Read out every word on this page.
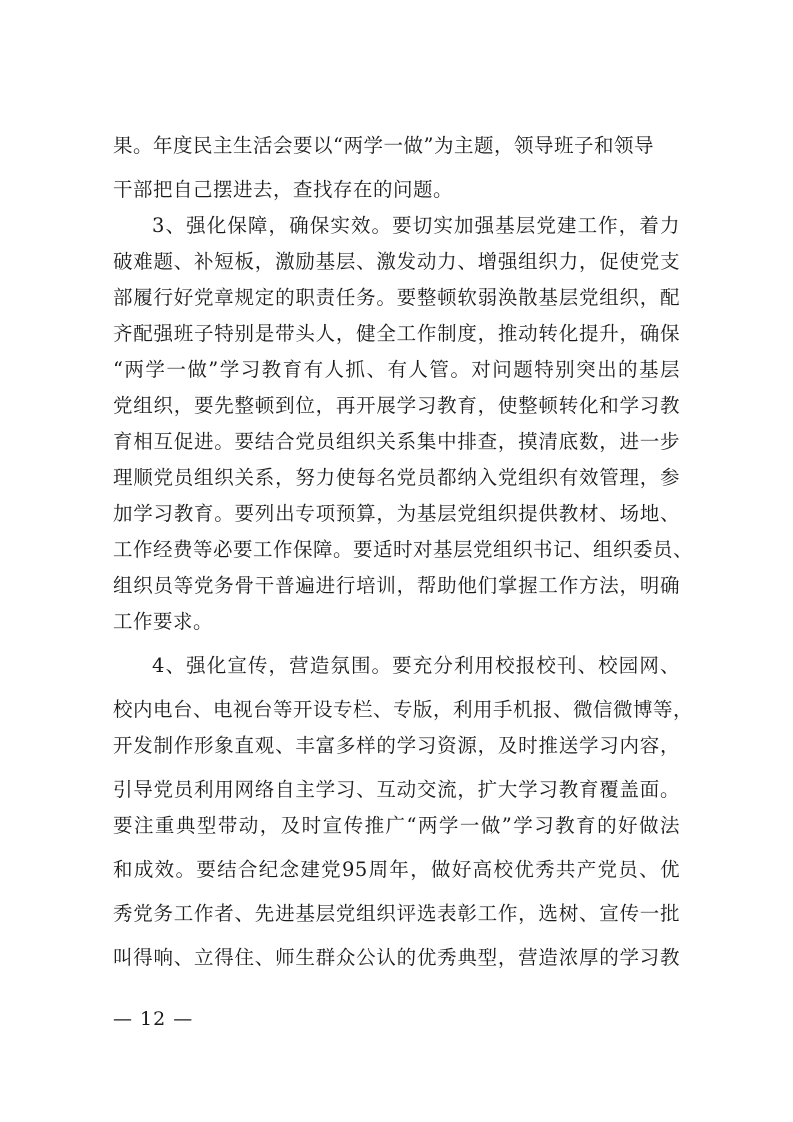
果。年度民主生活会要以“两学一做”为主题，领导班子和领导
干部把自己摆进去，查找存在的问题。
3、强化保障，确保实效。要切实加强基层党建工作，着力
破难题、补短板，激励基层、激发动力、增强组织力，促使党支
部履行好党章规定的职责任务。要整顿软弱涣散基层党组织，配
齐配强班子特别是带头人，健全工作制度，推动转化提升，确保
“两学一做”学习教育有人抓、有人管。对问题特别突出的基层
党组织，要先整顿到位，再开展学习教育，使整顿转化和学习教
育相互促进。要结合党员组织关系集中排查，摸清底数，进一步
理顺党员组织关系，努力使每名党员都纳入党组织有效管理，参
加学习教育。要列出专项预算，为基层党组织提供教材、场地、
工作经费等必要工作保障。要适时对基层党组织书记、组织委员、
组织员等党务骨干普遍进行培训，帮助他们掌握工作方法，明确
工作要求。
4、强化宣传，营造氛围。要充分利用校报校刊、校园网、
校内电台、电视台等开设专栏、专版，利用手机报、微信微博等，
开发制作形象直观、丰富多样的学习资源，及时推送学习内容，
引导党员利用网络自主学习、互动交流，扩大学习教育覆盖面。
要注重典型带动，及时宣传推广“两学一做”学习教育的好做法
和成效。要结合纪念建党95周年，做好高校优秀共产党员、优
秀党务工作者、先进基层党组织评选表彰工作，选树、宣传一批
叫得响、立得住、师生群众公认的优秀典型，营造浓厚的学习教
— 12 —
